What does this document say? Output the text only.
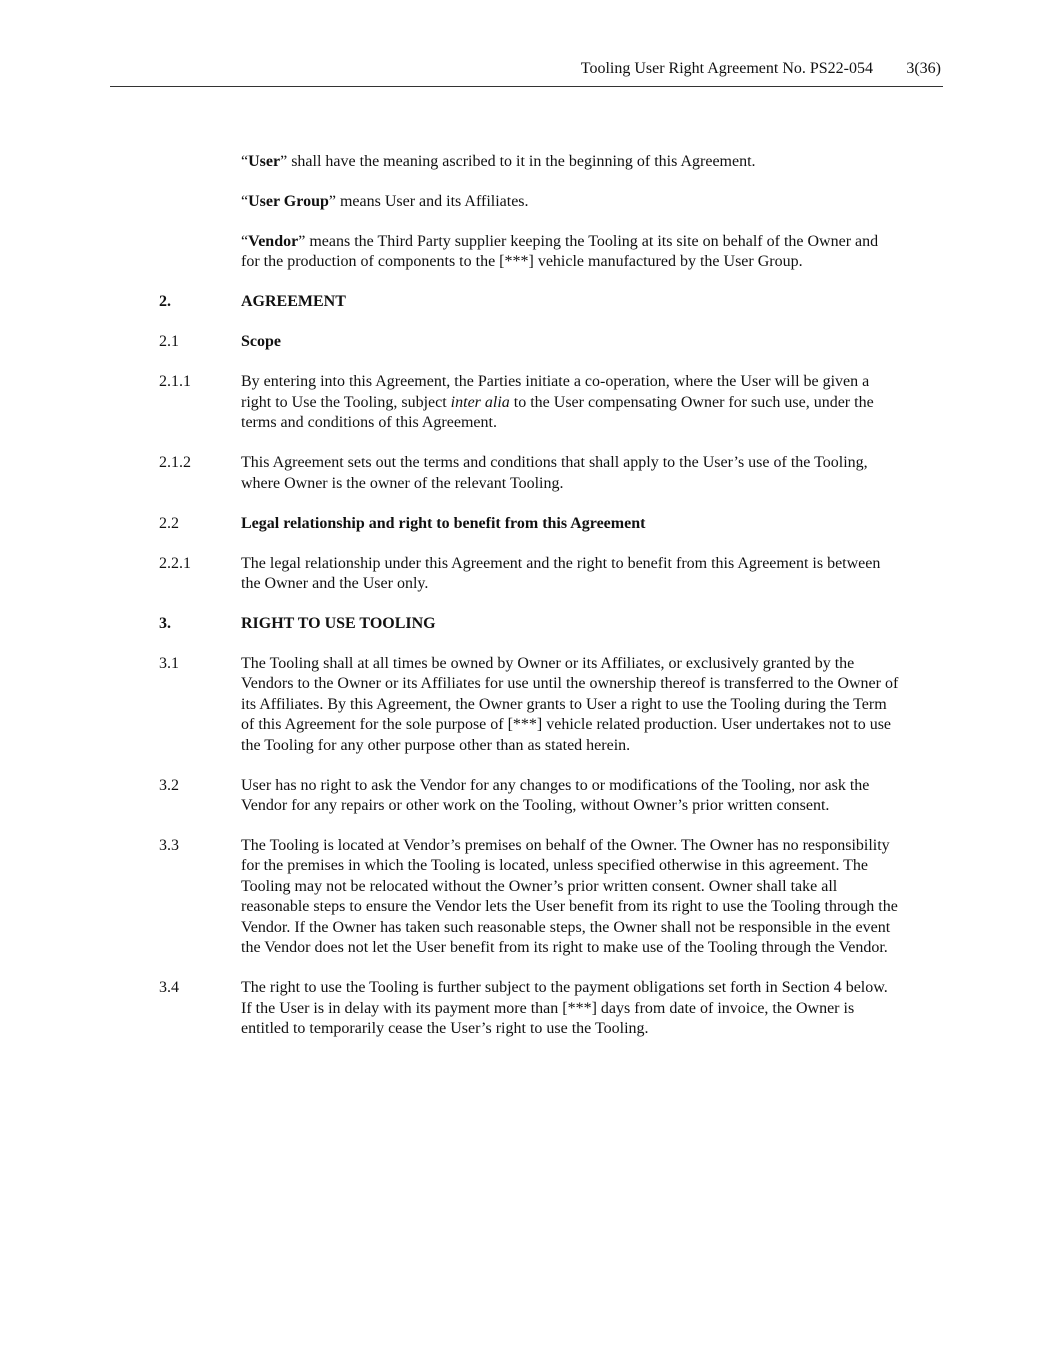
Tooling User Right Agreement No. PS22-054 3(36)

“User” shall have the meaning ascribed to it in the beginning of this Agreement.

“User Group” means User and its Affiliates.

“Vendor” means the Third Party supplier keeping the Tooling at its site on behalf of the Owner and for the production of components to the [***] vehicle manufactured by the User Group.

2.	AGREEMENT
2.1	Scope
2.1.1	By entering into this Agreement, the Parties initiate a co-operation, where the User will be given a right to Use the Tooling, subject inter alia to the User compensating Owner for such use, under the terms and conditions of this Agreement.
2.1.2	This Agreement sets out the terms and conditions that shall apply to the User’s use of the Tooling, where Owner is the owner of the relevant Tooling.
2.2	Legal relationship and right to benefit from this Agreement
2.2.1	The legal relationship under this Agreement and the right to benefit from this Agreement is between the Owner and the User only.
3.	RIGHT TO USE TOOLING
3.1	The Tooling shall at all times be owned by Owner or its Affiliates, or exclusively granted by the Vendors to the Owner or its Affiliates for use until the ownership thereof is transferred to the Owner of its Affiliates. By this Agreement, the Owner grants to User a right to use the Tooling during the Term of this Agreement for the sole purpose of [***] vehicle related production. User undertakes not to use the Tooling for any other purpose other than as stated herein.
3.2	User has no right to ask the Vendor for any changes to or modifications of the Tooling, nor ask the Vendor for any repairs or other work on the Tooling, without Owner’s prior written consent.
3.3	The Tooling is located at Vendor’s premises on behalf of the Owner. The Owner has no responsibility for the premises in which the Tooling is located, unless specified otherwise in this agreement. The Tooling may not be relocated without the Owner’s prior written consent. Owner shall take all reasonable steps to ensure the Vendor lets the User benefit from its right to use the Tooling through the Vendor. If the Owner has taken such reasonable steps, the Owner shall not be responsible in the event the Vendor does not let the User benefit from its right to make use of the Tooling through the Vendor.
3.4	The right to use the Tooling is further subject to the payment obligations set forth in Section 4 below. If the User is in delay with its payment more than [***] days from date of invoice, the Owner is entitled to temporarily cease the User’s right to use the Tooling.
